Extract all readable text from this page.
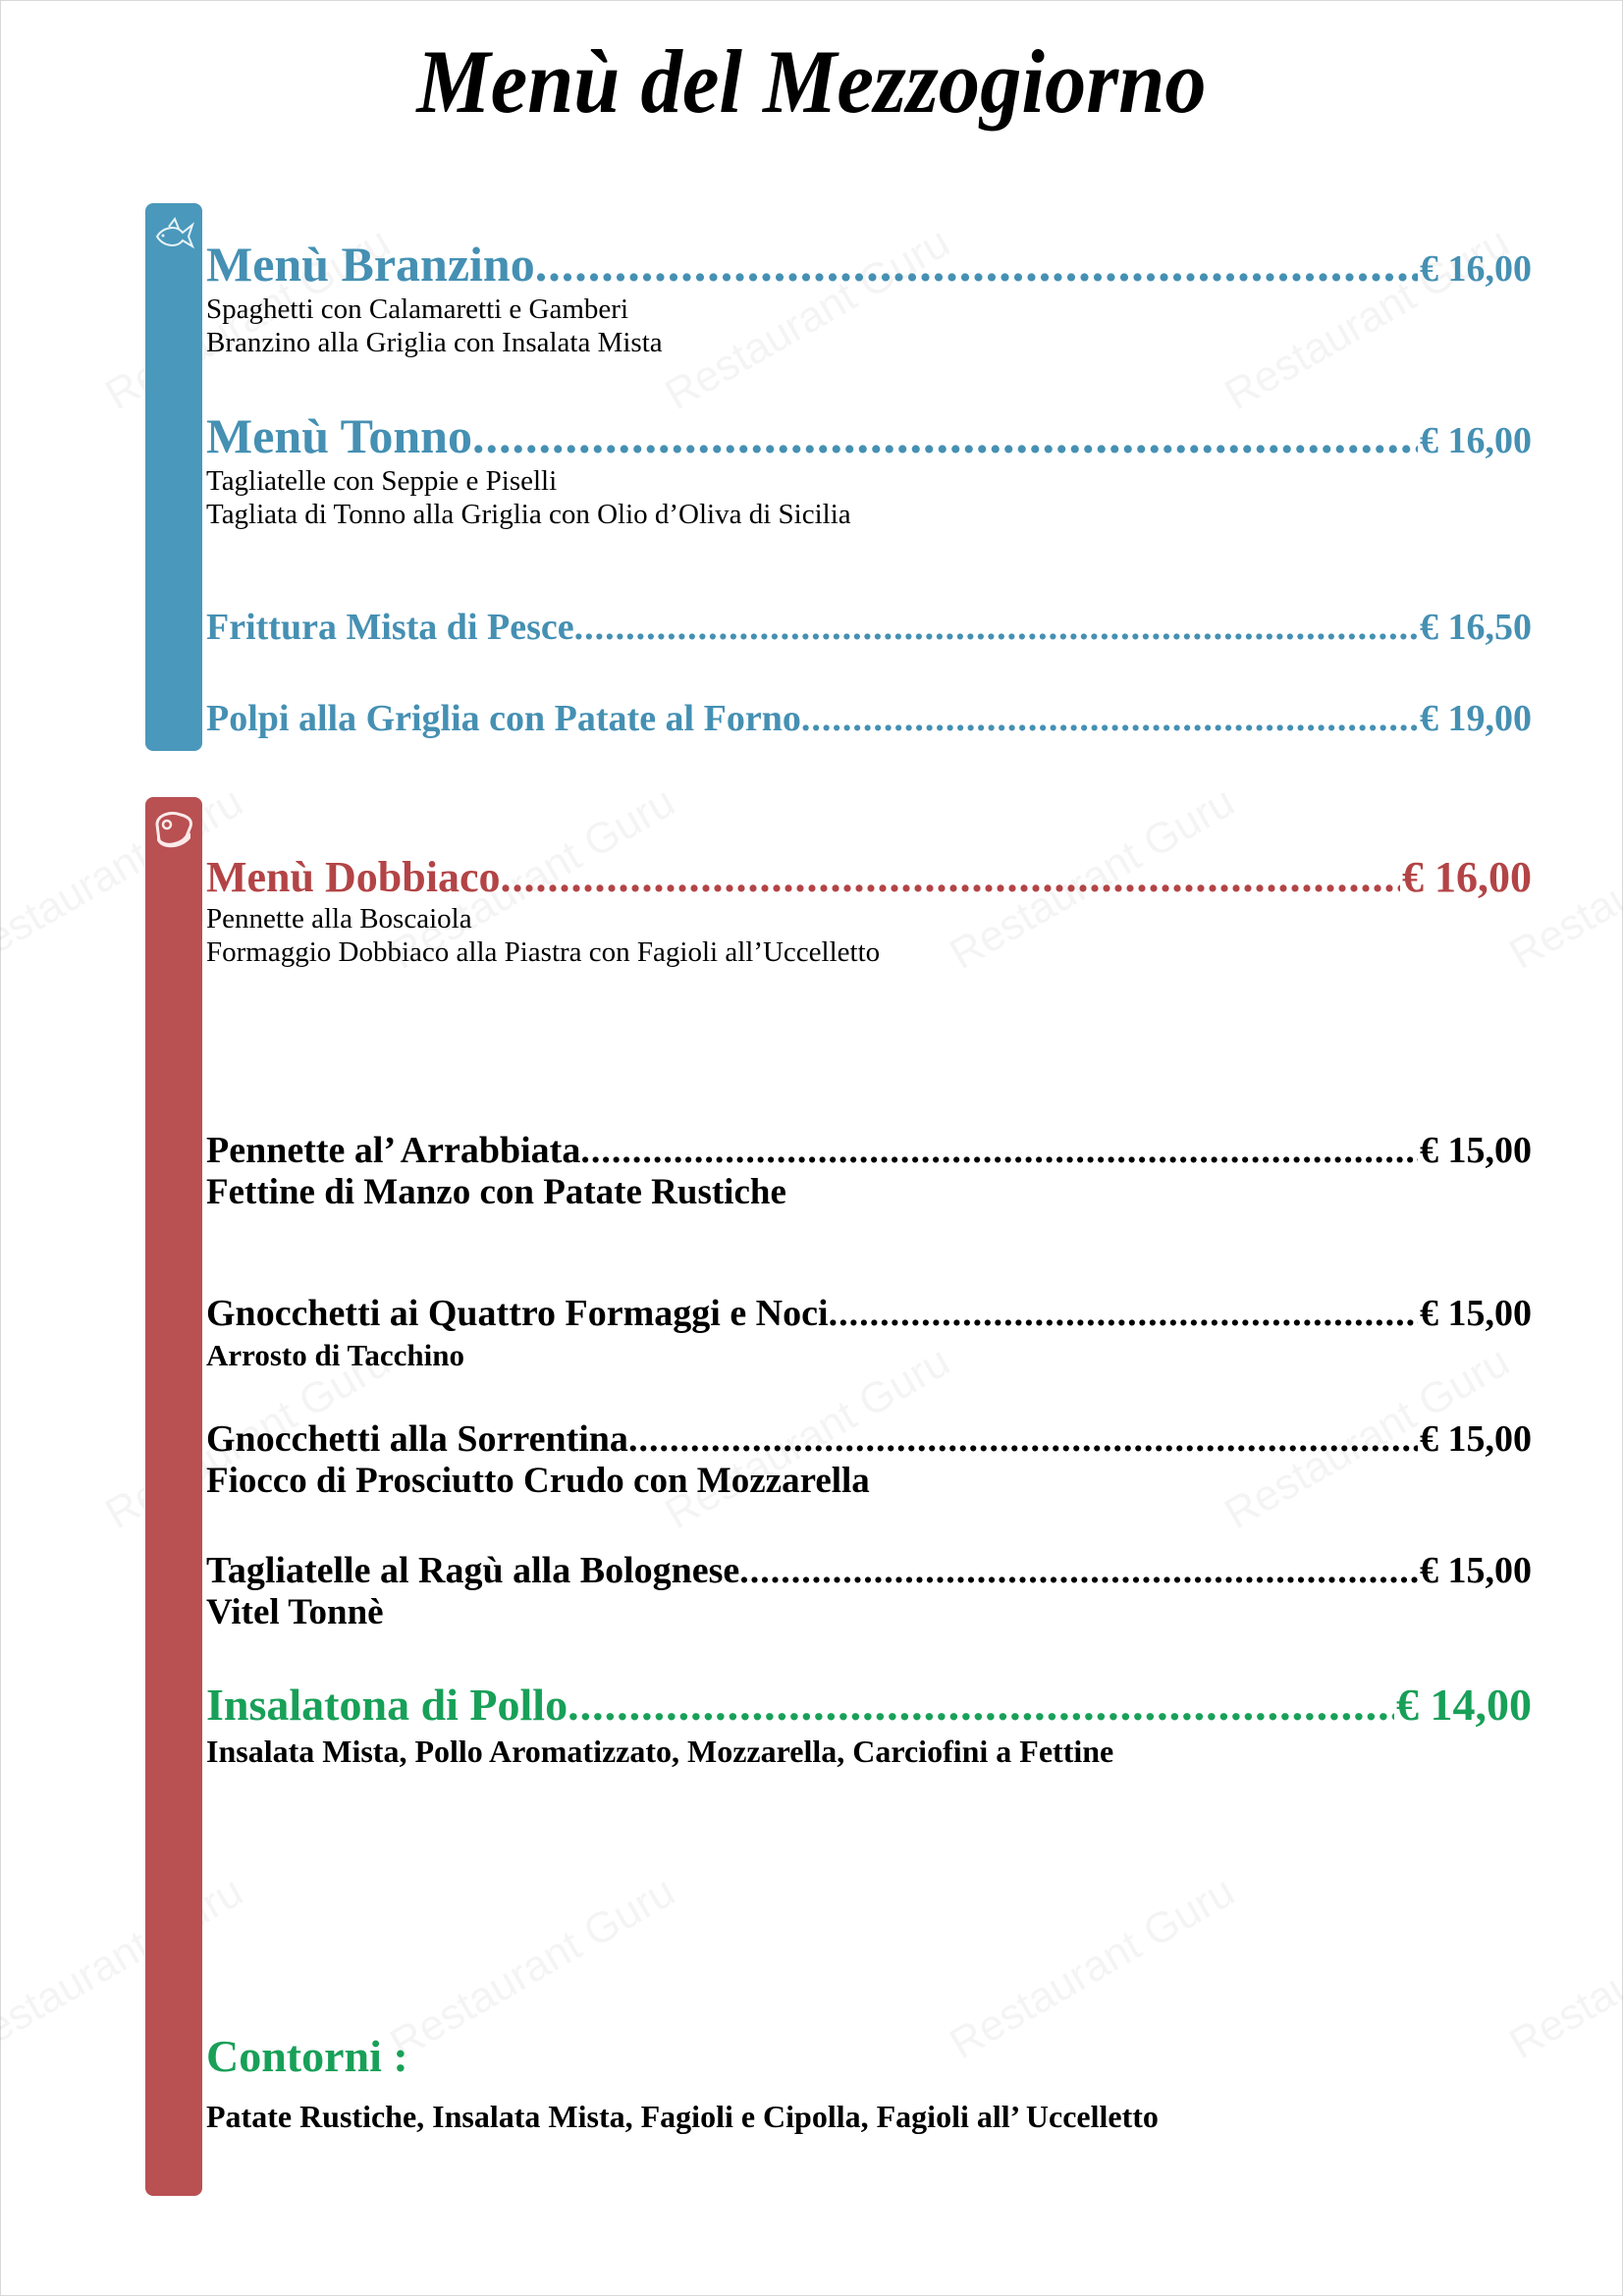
Menù del Mezzogiorno
Menù Branzino .....	€ 16,00
Spaghetti con Calamaretti e Gamberi
Branzino alla Griglia con Insalata Mista
Menù Tonno .....	€ 16,00
Tagliatelle con Seppie e Piselli
Tagliata di Tonno alla Griglia con Olio d’Oliva di Sicilia
Frittura Mista di Pesce .....	€ 16,50
Polpi alla Griglia con Patate al Forno .....	€ 19,00
Menù Dobbiaco .....	€ 16,00
Pennette alla Boscaiola
Formaggio Dobbiaco alla Piastra con Fagioli all’Uccelletto
Pennette al’ Arrabbiata .....	€ 15,00
Fettine di Manzo con Patate Rustiche
Gnocchetti ai Quattro Formaggi e Noci .....	€ 15,00
Arrosto di Tacchino
Gnocchetti alla Sorrentina .....	€ 15,00
Fiocco di Prosciutto Crudo con Mozzarella
Tagliatelle al Ragù alla Bolognese .....	€ 15,00
Vitel Tonnè
Insalatona di Pollo .....	€ 14,00
Insalata Mista, Pollo Aromatizzato, Mozzarella, Carciofini a Fettine
Contorni :
Patate Rustiche, Insalata Mista, Fagioli e Cipolla, Fagioli all’ Uccelletto
